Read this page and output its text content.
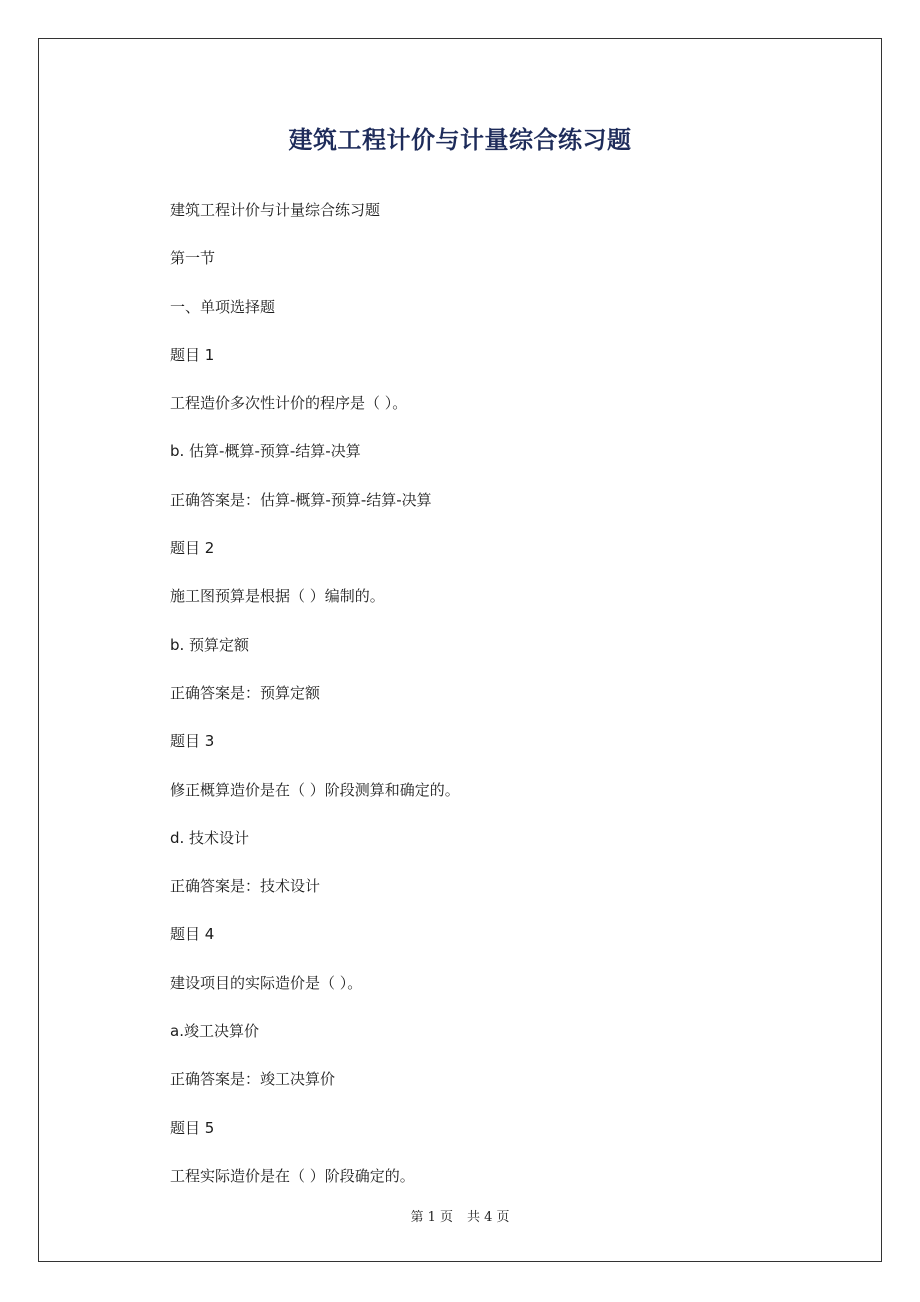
建筑工程计价与计量综合练习题
建筑工程计价与计量综合练习题
第一节
一、单项选择题
题目 1
工程造价多次性计价的程序是（ ）。
b. 估算-概算-预算-结算-决算
正确答案是：估算-概算-预算-结算-决算
题目 2
施工图预算是根据（ ）编制的。
b. 预算定额
正确答案是：预算定额
题目 3
修正概算造价是在（ ）阶段测算和确定的。
d. 技术设计
正确答案是：技术设计
题目 4
建设项目的实际造价是（ ）。
a.竣工决算价
正确答案是：竣工决算价
题目 5
工程实际造价是在（ ）阶段确定的。
第 1 页 共 4 页
